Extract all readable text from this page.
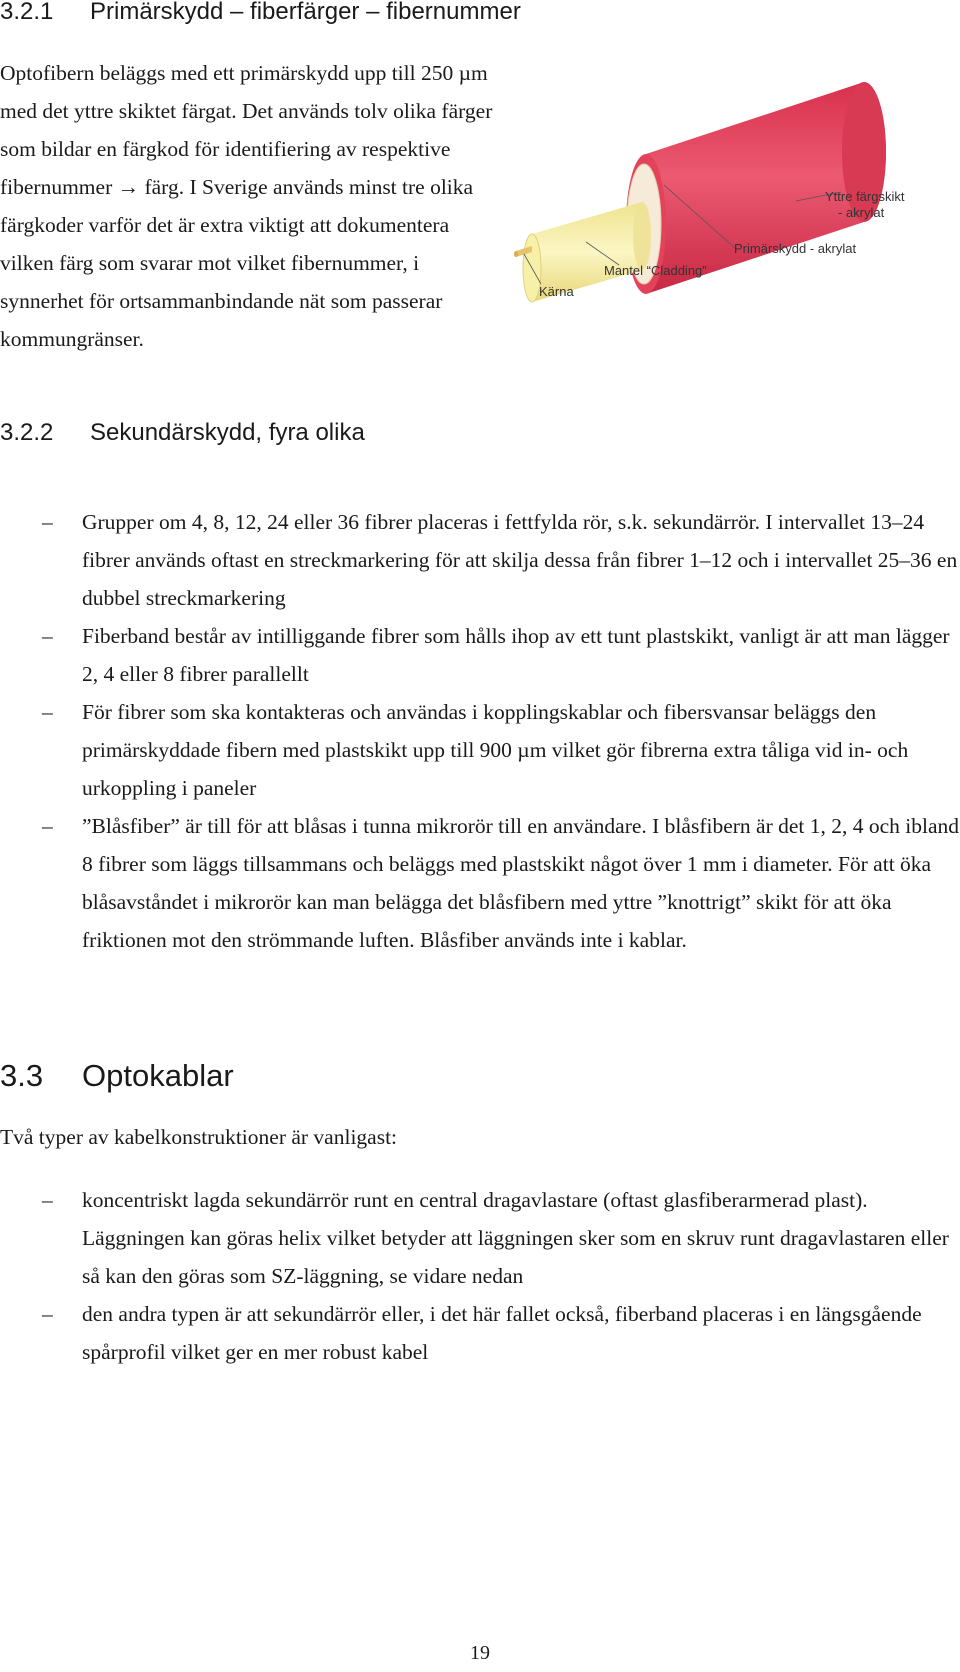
3.2.1 Primärskydd – fiberfärger – fibernummer

Optofibern beläggs med ett primärskydd upp till 250 µm med det yttre skiktet färgat. Det används tolv olika färger som bildar en färgkod för identifiering av respektive fibernummer → färg. I Sverige används minst tre olika färgkoder varför det är extra viktigt att dokumentera vilken färg som svarar mot vilket fibernummer, i synnerhet för ortsammanbindande nät som passerar kommungränser.

Yttre färgskikt - akrylat
Primärskydd - akrylat
Mantel “Cladding”
Kärna
3.2.2 Sekundärskydd, fyra olika
– Grupper om 4, 8, 12, 24 eller 36 fibrer placeras i fettfylda rör, s.k. sekundärrör. I intervallet 13–24 fibrer används oftast en streckmarkering för att skilja dessa från fibrer 1–12 och i intervallet 25–36 en dubbel streckmarkering
– Fiberband består av intilliggande fibrer som hålls ihop av ett tunt plastskikt, vanligt är att man lägger 2, 4 eller 8 fibrer parallellt
– För fibrer som ska kontakteras och användas i kopplingskablar och fibersvansar beläggs den primärskyddade fibern med plastskikt upp till 900 µm vilket gör fibrerna extra tåliga vid in- och urkoppling i paneler
– ”Blåsfiber” är till för att blåsas i tunna mikrorör till en användare. I blåsfibern är det 1, 2, 4 och ibland 8 fibrer som läggs tillsammans och beläggs med plastskikt något över 1 mm i diameter. För att öka blåsavståndet i mikrorör kan man belägga det blåsfibern med yttre ”knottrigt” skikt för att öka friktionen mot den strömmande luften. Blåsfiber används inte i kablar.
3.3 Optokablar

Två typer av kabelkonstruktioner är vanligast:

– koncentriskt lagda sekundärrör runt en central dragavlastare (oftast glasfiberarmerad plast). Läggningen kan göras helix vilket betyder att läggningen sker som en skruv runt dragavlastaren eller så kan den göras som SZ-läggning, se vidare nedan
– den andra typen är att sekundärrör eller, i det här fallet också, fiberband placeras i en längsgående spårprofil vilket ger en mer robust kabel
19
